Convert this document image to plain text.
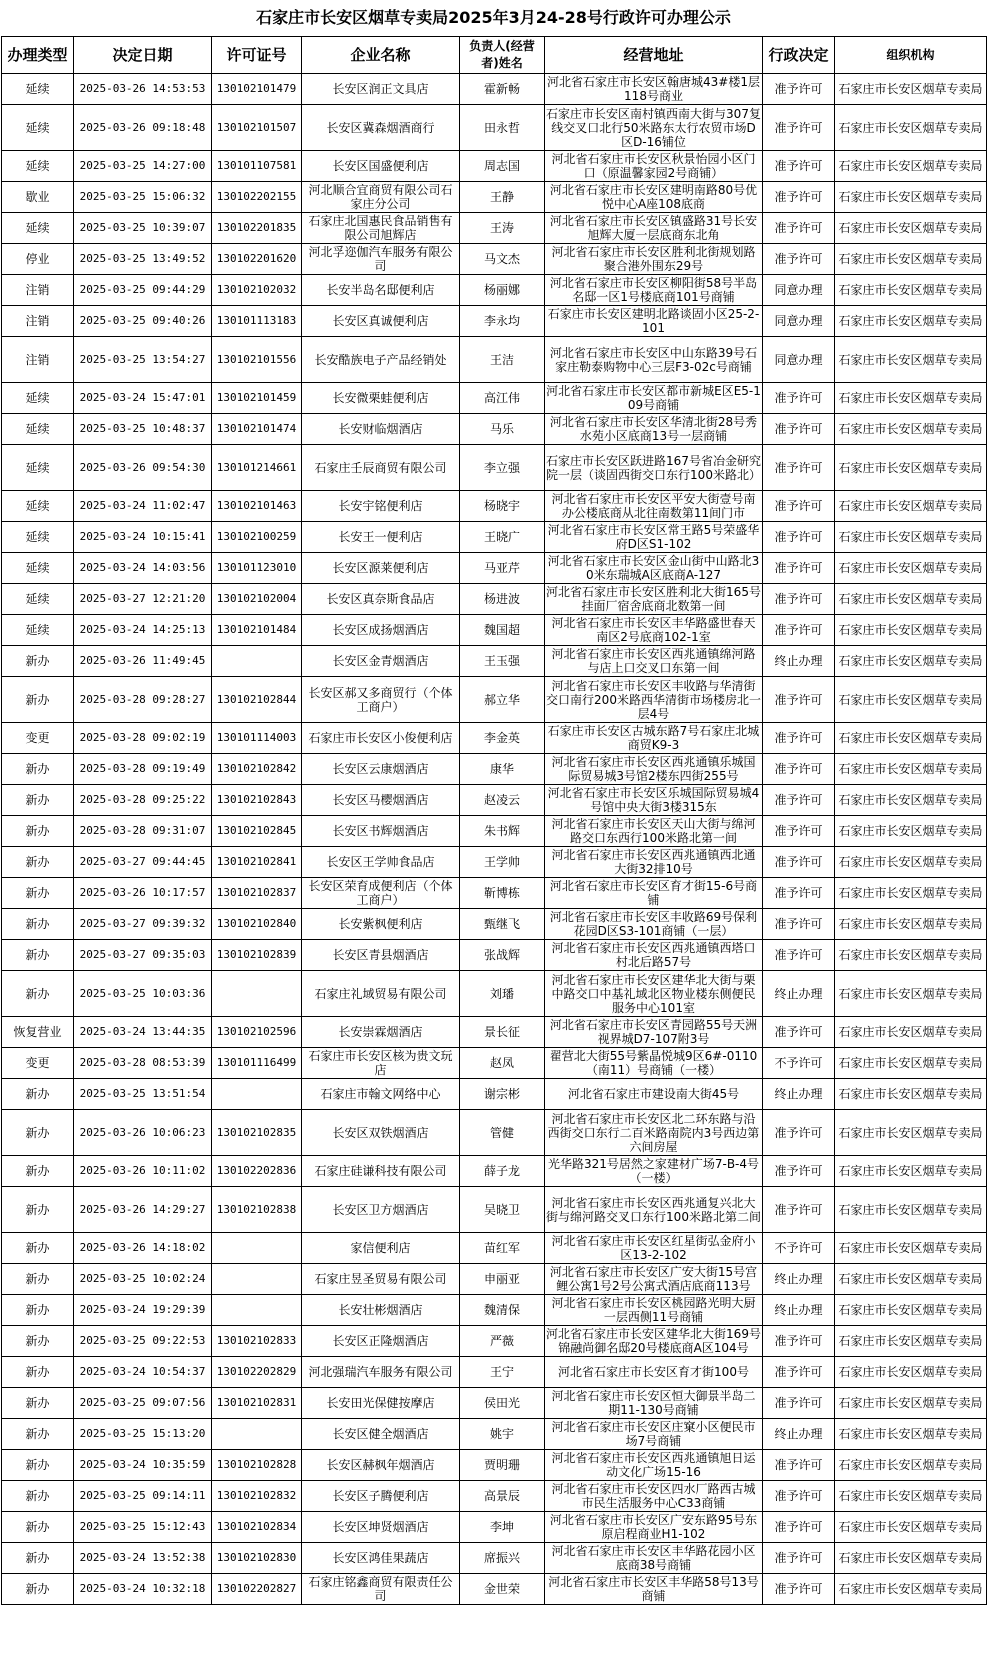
石家庄市长安区烟草专卖局2025年3月24-28号行政许可办理公示
办理类型	决定日期	许可证号	企业名称	负责人(经营者)姓名	经营地址	行政决定	组织机构
延续	2025-03-26 14:53:53	130102101479	长安区润正文具店	霍新畅	河北省石家庄市长安区翰唐城43#楼1层118号商业	准予许可	石家庄市长安区烟草专卖局
延续	2025-03-26 09:18:48	130102101507	长安区冀森烟酒商行	田永哲	石家庄市长安区南村镇西南大街与307复线交叉口北行50米路东太行农贸市场D区D-16铺位	准予许可	石家庄市长安区烟草专卖局
延续	2025-03-25 14:27:00	130101107581	长安区国盛便利店	周志国	河北省石家庄市长安区秋景怡园小区门口（原温馨家园2号商铺）	准予许可	石家庄市长安区烟草专卖局
歇业	2025-03-25 15:06:32	130102202155	河北顺合宜商贸有限公司石家庄分公司	王静	河北省石家庄市长安区建明南路80号优悦中心A座108底商	准予许可	石家庄市长安区烟草专卖局
延续	2025-03-25 10:39:07	130102201835	石家庄北国惠民食品销售有限公司旭辉店	王涛	河北省石家庄市长安区镇盛路31号长安旭辉大厦一层底商东北角	准予许可	石家庄市长安区烟草专卖局
停业	2025-03-25 13:49:52	130102201620	河北孚迩伽汽车服务有限公司	马文杰	河北省石家庄市长安区胜利北街规划路聚合港外围东29号	准予许可	石家庄市长安区烟草专卖局
注销	2025-03-25 09:44:29	130102102032	长安半岛名邸便利店	杨丽娜	河北省石家庄市长安区柳阳街58号半岛名邸一区1号楼底商101号商铺	同意办理	石家庄市长安区烟草专卖局
注销	2025-03-25 09:40:26	130101113183	长安区真诚便利店	李永均	石家庄市长安区建明北路谈固小区25-2-101	同意办理	石家庄市长安区烟草专卖局
注销	2025-03-25 13:54:27	130102101556	长安酷族电子产品经销处	王洁	河北省石家庄市长安区中山东路39号石家庄勒泰购物中心三层F3-02c号商铺	同意办理	石家庄市长安区烟草专卖局
延续	2025-03-24 15:47:01	130102101459	长安微栗蛙便利店	高江伟	河北省石家庄市长安区都市新城E区E5-109号商铺	准予许可	石家庄市长安区烟草专卖局
延续	2025-03-25 10:48:37	130102101474	长安财临烟酒店	马乐	河北省石家庄市长安区华清北街28号秀水苑小区底商13号一层商铺	准予许可	石家庄市长安区烟草专卖局
延续	2025-03-26 09:54:30	130101214661	石家庄壬辰商贸有限公司	李立强	石家庄市长安区跃进路167号省冶金研究院一层（谈固西街交口东行100米路北）	准予许可	石家庄市长安区烟草专卖局
延续	2025-03-24 11:02:47	130102101463	长安宇铭便利店	杨晓宇	河北省石家庄市长安区平安大街壹号南办公楼底商从北往南数第11间门市	准予许可	石家庄市长安区烟草专卖局
延续	2025-03-24 10:15:41	130102100259	长安王一便利店	王晓广	河北省石家庄市长安区常王路5号荣盛华府D区S1-102	准予许可	石家庄市长安区烟草专卖局
延续	2025-03-24 14:03:56	130101123010	长安区源莱便利店	马亚芹	河北省石家庄市长安区金山街中山路北30米东瑞城A区底商A-127	准予许可	石家庄市长安区烟草专卖局
延续	2025-03-27 12:21:20	130102102004	长安区真奈斯食品店	杨进波	河北省石家庄市长安区胜利北大街165号挂面厂宿舍底商北数第一间	准予许可	石家庄市长安区烟草专卖局
延续	2025-03-24 14:25:13	130102101484	长安区成扬烟酒店	魏国超	河北省石家庄市长安区丰华路盛世春天南区2号底商102-1室	准予许可	石家庄市长安区烟草专卖局
新办	2025-03-26 11:49:45		长安区金青烟酒店	王玉强	河北省石家庄市长安区西兆通镇绵河路与店上口交叉口东第一间	终止办理	石家庄市长安区烟草专卖局
新办	2025-03-28 09:28:27	130102102844	长安区郝又多商贸行（个体工商户）	郝立华	河北省石家庄市长安区丰收路与华清街交口南行200米路西华清街市场楼房北一层4号	准予许可	石家庄市长安区烟草专卖局
变更	2025-03-28 09:02:19	130101114003	石家庄市长安区小俊便利店	李金英	石家庄市长安区古城东路7号石家庄北城商贸K9-3	准予许可	石家庄市长安区烟草专卖局
新办	2025-03-28 09:19:49	130102102842	长安区云康烟酒店	康华	河北省石家庄市长安区西兆通镇乐城国际贸易城3号馆2楼东四街255号	准予许可	石家庄市长安区烟草专卖局
新办	2025-03-28 09:25:22	130102102843	长安区马樱烟酒店	赵凌云	河北省石家庄市长安区乐城国际贸易城4号馆中央大街3楼315东	准予许可	石家庄市长安区烟草专卖局
新办	2025-03-28 09:31:07	130102102845	长安区书辉烟酒店	朱书辉	河北省石家庄市长安区天山大街与绵河路交口东西行100米路北第一间	准予许可	石家庄市长安区烟草专卖局
新办	2025-03-27 09:44:45	130102102841	长安区王学帅食品店	王学帅	河北省石家庄市长安区西兆通镇西北通大街32排10号	准予许可	石家庄市长安区烟草专卖局
新办	2025-03-26 10:17:57	130102102837	长安区荣育成便利店（个体工商户）	靳博栋	河北省石家庄市长安区育才街15-6号商铺	准予许可	石家庄市长安区烟草专卖局
新办	2025-03-27 09:39:32	130102102840	长安紫枫便利店	甄继飞	河北省石家庄市长安区丰收路69号保利花园D区S3-101商铺（一层）	准予许可	石家庄市长安区烟草专卖局
新办	2025-03-27 09:35:03	130102102839	长安区青县烟酒店	张战辉	河北省石家庄市长安区西兆通镇西塔口村北后路57号	准予许可	石家庄市长安区烟草专卖局
新办	2025-03-25 10:03:36		石家庄礼域贸易有限公司	刘璠	河北省石家庄市长安区建华北大街与栗中路交口中基礼域北区物业楼东侧便民服务中心101室	终止办理	石家庄市长安区烟草专卖局
恢复营业	2025-03-24 13:44:35	130102102596	长安崇霖烟酒店	景长征	河北省石家庄市长安区青园路55号天洲视界城D7-107附3号	准予许可	石家庄市长安区烟草专卖局
变更	2025-03-28 08:53:39	130101116499	石家庄市长安区核为贵文玩店	赵凤	翟营北大街55号紫晶悦城9区6#-0110（南11）号商铺（一楼）	不予许可	石家庄市长安区烟草专卖局
新办	2025-03-25 13:51:54		石家庄市翰文网络中心	谢宗彬	河北省石家庄市建设南大街45号	终止办理	石家庄市长安区烟草专卖局
新办	2025-03-26 10:06:23	130102102835	长安区双铁烟酒店	管健	河北省石家庄市长安区北二环东路与沿西街交口东行二百米路南院内3号西边第六间房屋	准予许可	石家庄市长安区烟草专卖局
新办	2025-03-26 10:11:02	130102202836	石家庄硅谦科技有限公司	薛子龙	光华路321号居然之家建材广场7-B-4号（一楼）	准予许可	石家庄市长安区烟草专卖局
新办	2025-03-26 14:29:27	130102102838	长安区卫方烟酒店	吴晓卫	河北省石家庄市长安区西兆通复兴北大街与绵河路交叉口东行100米路北第二间	准予许可	石家庄市长安区烟草专卖局
新办	2025-03-26 14:18:02		家信便利店	苗红军	河北省石家庄市长安区红星街弘金府小区13-2-102	不予许可	石家庄市长安区烟草专卖局
新办	2025-03-25 10:02:24		石家庄昱圣贸易有限公司	申丽亚	河北省石家庄市长安区广安大街15号宫鲤公寓1号2号公寓式酒店底商113号	终止办理	石家庄市长安区烟草专卖局
新办	2025-03-24 19:29:39		长安壮彬烟酒店	魏清保	河北省石家庄市长安区桃园路光明大厨一层西侧11号商铺	终止办理	石家庄市长安区烟草专卖局
新办	2025-03-25 09:22:53	130102102833	长安区正隆烟酒店	严薇	河北省石家庄市长安区建华北大街169号锦融尚御名邸20号楼底商A区104号	准予许可	石家庄市长安区烟草专卖局
新办	2025-03-24 10:54:37	130102202829	河北强瑞汽车服务有限公司	王宁	河北省石家庄市长安区育才街100号	准予许可	石家庄市长安区烟草专卖局
新办	2025-03-25 09:07:56	130102102831	长安田光保健按摩店	侯田光	河北省石家庄市长安区恒大御景半岛二期11-130号商铺	准予许可	石家庄市长安区烟草专卖局
新办	2025-03-25 15:13:20		长安区健全烟酒店	姚宇	河北省石家庄市长安区庄窠小区便民市场7号商铺	终止办理	石家庄市长安区烟草专卖局
新办	2025-03-24 10:35:59	130102102828	长安区赫枫年烟酒店	贾明珊	河北省石家庄市长安区西兆通镇旭日运动文化广场15-16	准予许可	石家庄市长安区烟草专卖局
新办	2025-03-25 09:14:11	130102102832	长安区子腾便利店	高景辰	河北省石家庄市长安区四水厂路西古城市民生活服务中心C33商铺	准予许可	石家庄市长安区烟草专卖局
新办	2025-03-25 15:12:43	130102102834	长安区坤贤烟酒店	李坤	河北省石家庄市长安区广安东路95号东原启程商业H1-102	准予许可	石家庄市长安区烟草专卖局
新办	2025-03-24 13:52:38	130102102830	长安区鸿佳果蔬店	席振兴	河北省石家庄市长安区丰华路花园小区底商38号商铺	准予许可	石家庄市长安区烟草专卖局
新办	2025-03-24 10:32:18	130102202827	石家庄铭鑫商贸有限责任公司	金世荣	河北省石家庄市长安区丰华路58号13号商铺	准予许可	石家庄市长安区烟草专卖局
